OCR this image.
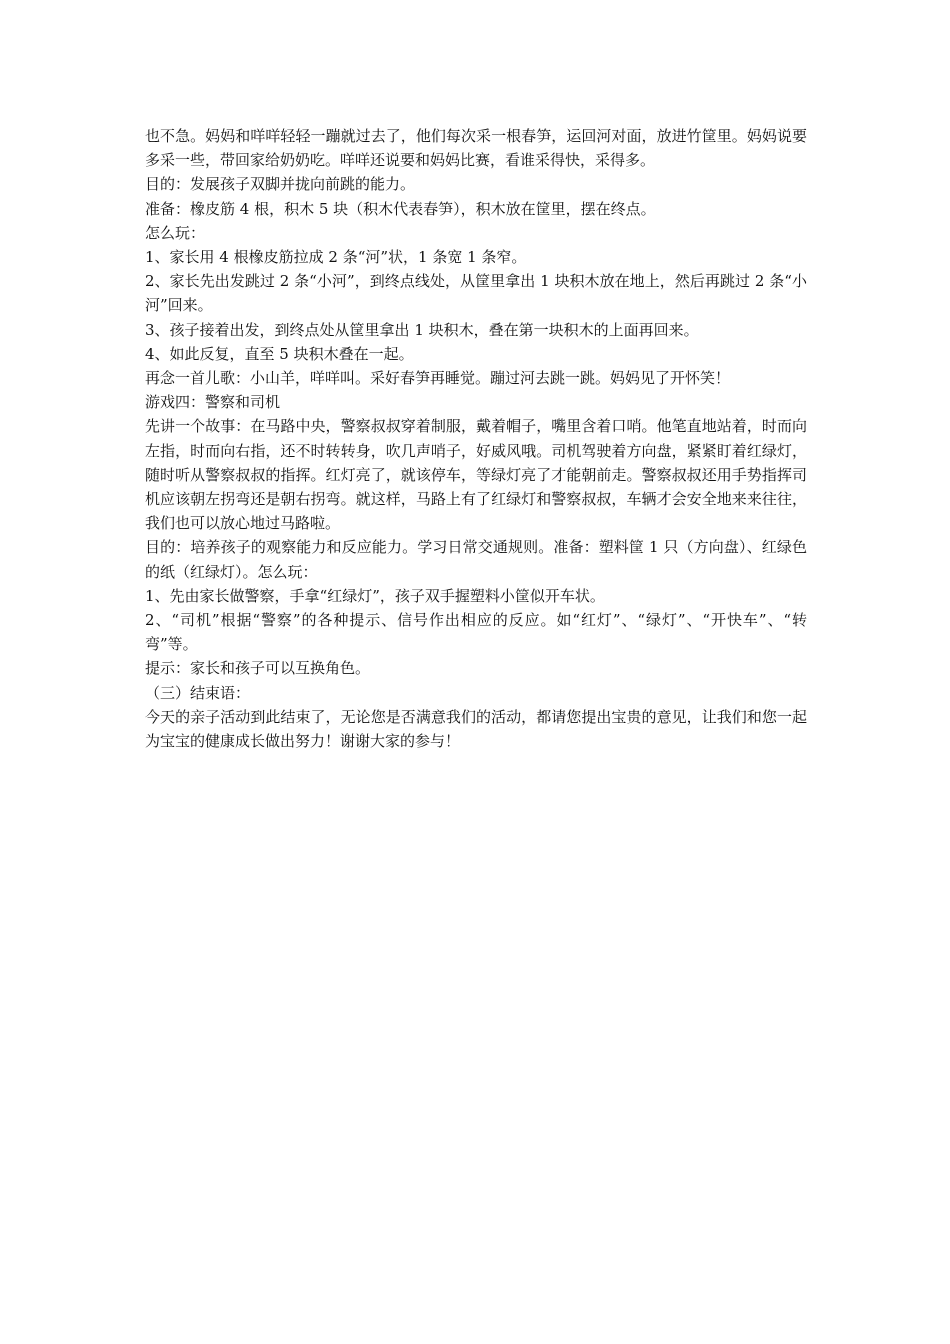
也不急。妈妈和咩咩轻轻一蹦就过去了，他们每次采一根春笋，运回河对面，放进竹筐里。妈妈说要多采一些，带回家给奶奶吃。咩咩还说要和妈妈比赛，看谁采得快，采得多。

目的：发展孩子双脚并拢向前跳的能力。

准备：橡皮筋 4 根，积木 5 块（积木代表春笋），积木放在筐里，摆在终点。

怎么玩：

1、家长用 4 根橡皮筋拉成 2 条“河”状，1 条宽 1 条窄。

2、家长先出发跳过 2 条“小河”，到终点线处，从筐里拿出 1 块积木放在地上，然后再跳过 2 条“小河”回来。

3、孩子接着出发，到终点处从筐里拿出 1 块积木，叠在第一块积木的上面再回来。

4、如此反复，直至 5 块积木叠在一起。

再念一首儿歌：小山羊，咩咩叫。采好春笋再睡觉。蹦过河去跳一跳。妈妈见了开怀笑！

游戏四：警察和司机

先讲一个故事：在马路中央，警察叔叔穿着制服，戴着帽子，嘴里含着口哨。他笔直地站着，时而向左指，时而向右指，还不时转转身，吹几声哨子，好威风哦。司机驾驶着方向盘，紧紧盯着红绿灯，随时听从警察叔叔的指挥。红灯亮了，就该停车，等绿灯亮了才能朝前走。警察叔叔还用手势指挥司机应该朝左拐弯还是朝右拐弯。就这样，马路上有了红绿灯和警察叔叔，车辆才会安全地来来往往，我们也可以放心地过马路啦。

目的：培养孩子的观察能力和反应能力。学习日常交通规则。准备：塑料筐 1 只（方向盘）、红绿色的纸（红绿灯）。怎么玩：

1、先由家长做警察，手拿“红绿灯”，孩子双手握塑料小筐似开车状。

2、“司机”根据“警察”的各种提示、信号作出相应的反应。如“红灯”、“绿灯”、“开快车”、“转弯”等。

提示：家长和孩子可以互换角色。

（三）结束语：

今天的亲子活动到此结束了，无论您是否满意我们的活动，都请您提出宝贵的意见，让我们和您一起为宝宝的健康成长做出努力！谢谢大家的参与！
